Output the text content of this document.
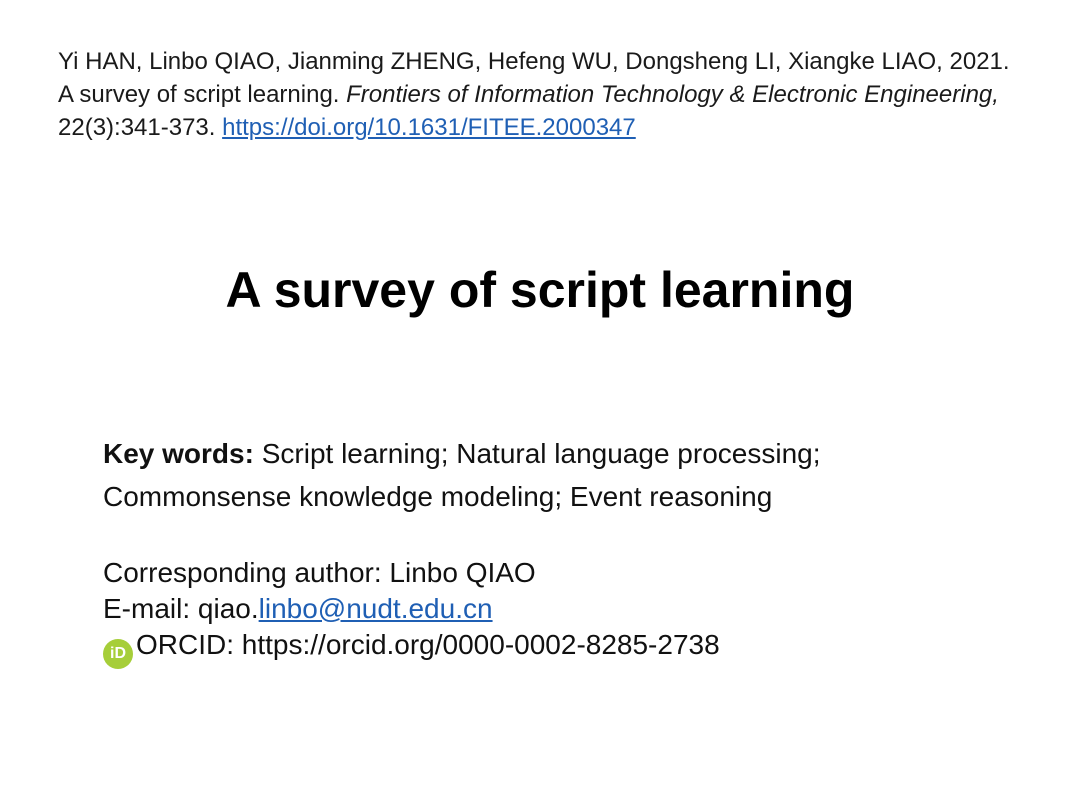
Yi HAN, Linbo QIAO, Jianming ZHENG, Hefeng WU, Dongsheng LI, Xiangke LIAO, 2021.
A survey of script learning. Frontiers of Information Technology & Electronic Engineering, 22(3):341-373. https://doi.org/10.1631/FITEE.2000347
A survey of script learning
Key words: Script learning; Natural language processing;
Commonsense knowledge modeling; Event reasoning
Corresponding author: Linbo QIAO
E-mail: qiao.linbo@nudt.edu.cn
iD ORCID: https://orcid.org/0000-0002-8285-2738
